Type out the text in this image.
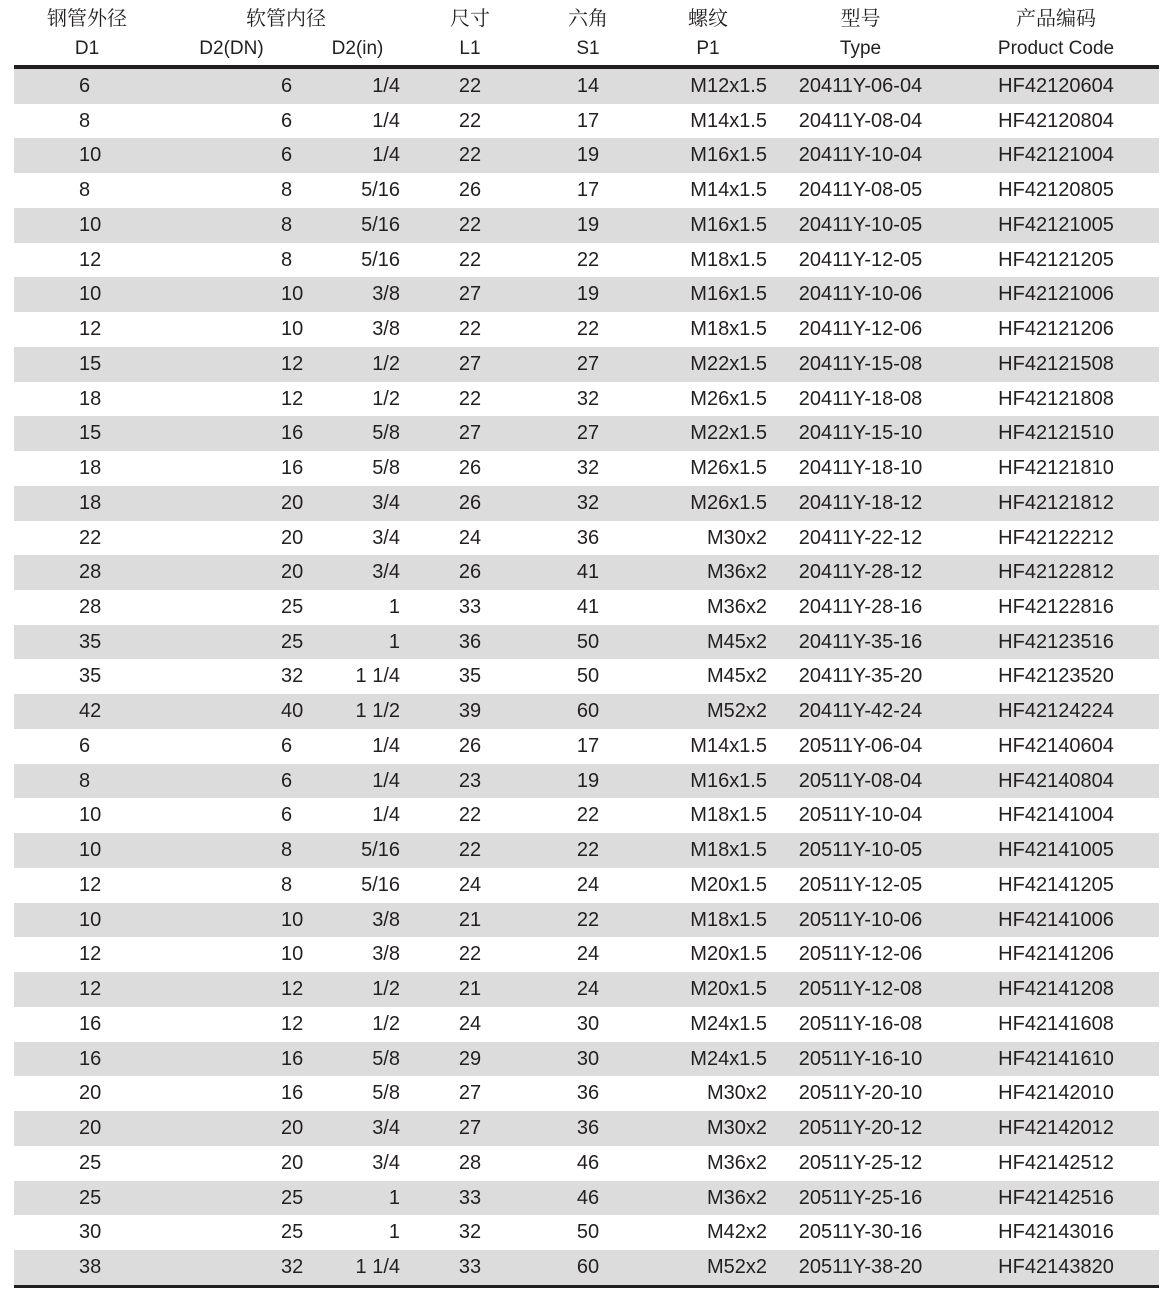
钢管外径	软管内径	尺寸	六角	螺纹	型号	产品编码
D1	D2(DN)	D2(in)	L1	S1	P1	Type	Product Code
6	6	1/4	22	14	M12x1.5	20411Y-06-04	HF42120604
8	6	1/4	22	17	M14x1.5	20411Y-08-04	HF42120804
10	6	1/4	22	19	M16x1.5	20411Y-10-04	HF42121004
8	8	5/16	26	17	M14x1.5	20411Y-08-05	HF42120805
10	8	5/16	22	19	M16x1.5	20411Y-10-05	HF42121005
12	8	5/16	22	22	M18x1.5	20411Y-12-05	HF42121205
10	10	3/8	27	19	M16x1.5	20411Y-10-06	HF42121006
12	10	3/8	22	22	M18x1.5	20411Y-12-06	HF42121206
15	12	1/2	27	27	M22x1.5	20411Y-15-08	HF42121508
18	12	1/2	22	32	M26x1.5	20411Y-18-08	HF42121808
15	16	5/8	27	27	M22x1.5	20411Y-15-10	HF42121510
18	16	5/8	26	32	M26x1.5	20411Y-18-10	HF42121810
18	20	3/4	26	32	M26x1.5	20411Y-18-12	HF42121812
22	20	3/4	24	36	M30x2	20411Y-22-12	HF42122212
28	20	3/4	26	41	M36x2	20411Y-28-12	HF42122812
28	25	1	33	41	M36x2	20411Y-28-16	HF42122816
35	25	1	36	50	M45x2	20411Y-35-16	HF42123516
35	32	1 1/4	35	50	M45x2	20411Y-35-20	HF42123520
42	40	1 1/2	39	60	M52x2	20411Y-42-24	HF42124224
6	6	1/4	26	17	M14x1.5	20511Y-06-04	HF42140604
8	6	1/4	23	19	M16x1.5	20511Y-08-04	HF42140804
10	6	1/4	22	22	M18x1.5	20511Y-10-04	HF42141004
10	8	5/16	22	22	M18x1.5	20511Y-10-05	HF42141005
12	8	5/16	24	24	M20x1.5	20511Y-12-05	HF42141205
10	10	3/8	21	22	M18x1.5	20511Y-10-06	HF42141006
12	10	3/8	22	24	M20x1.5	20511Y-12-06	HF42141206
12	12	1/2	21	24	M20x1.5	20511Y-12-08	HF42141208
16	12	1/2	24	30	M24x1.5	20511Y-16-08	HF42141608
16	16	5/8	29	30	M24x1.5	20511Y-16-10	HF42141610
20	16	5/8	27	36	M30x2	20511Y-20-10	HF42142010
20	20	3/4	27	36	M30x2	20511Y-20-12	HF42142012
25	20	3/4	28	46	M36x2	20511Y-25-12	HF42142512
25	25	1	33	46	M36x2	20511Y-25-16	HF42142516
30	25	1	32	50	M42x2	20511Y-30-16	HF42143016
38	32	1 1/4	33	60	M52x2	20511Y-38-20	HF42143820
